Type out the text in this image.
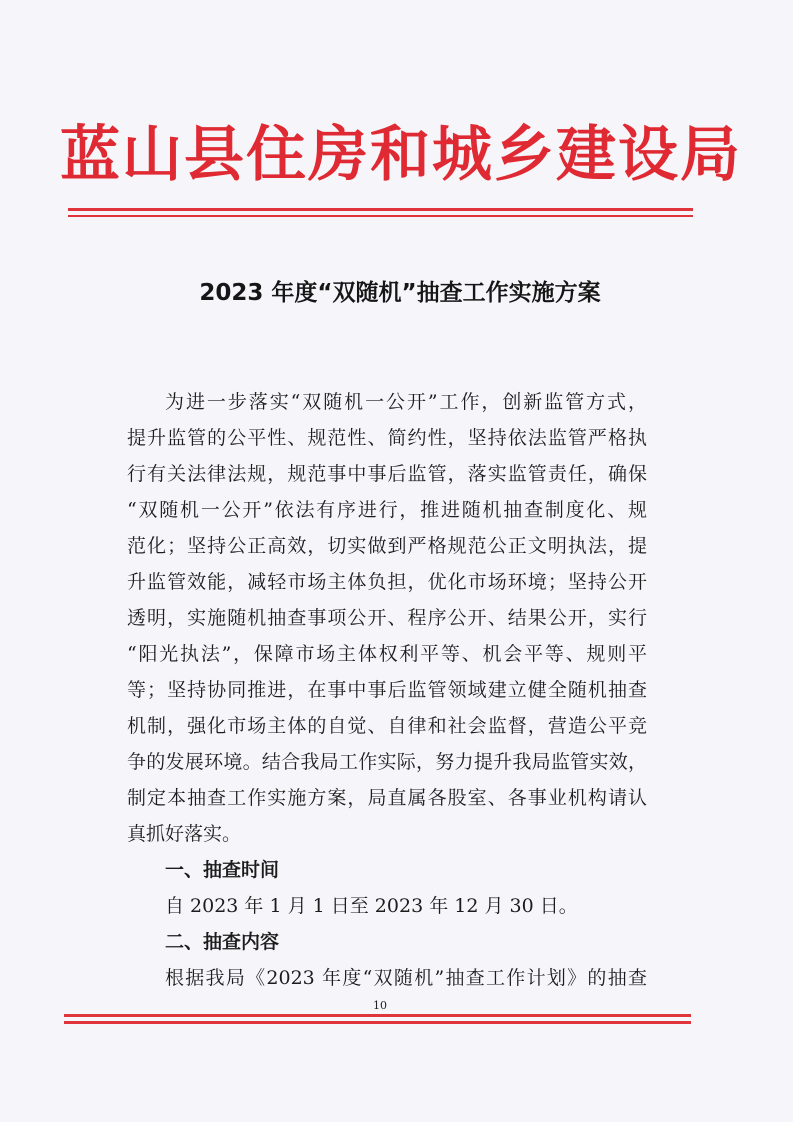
蓝山县住房和城乡建设局
2023 年度“双随机”抽查工作实施方案
为进一步落实“双随机一公开”工作，创新监管方式，
提升监管的公平性、规范性、简约性，坚持依法监管严格执
行有关法律法规，规范事中事后监管，落实监管责任，确保
“双随机一公开”依法有序进行，推进随机抽查制度化、规
范化；坚持公正高效，切实做到严格规范公正文明执法，提
升监管效能，减轻市场主体负担，优化市场环境；坚持公开
透明，实施随机抽查事项公开、程序公开、结果公开，实行
“阳光执法”，保障市场主体权利平等、机会平等、规则平
等；坚持协同推进，在事中事后监管领域建立健全随机抽查
机制，强化市场主体的自觉、自律和社会监督，营造公平竞
争的发展环境。结合我局工作实际，努力提升我局监管实效，
制定本抽查工作实施方案，局直属各股室、各事业机构请认
真抓好落实。
一、抽查时间
自 2023 年 1 月 1 日至 2023 年 12 月 30 日。
二、抽查内容
根据我局《2023 年度“双随机”抽查工作计划》的抽查
10
